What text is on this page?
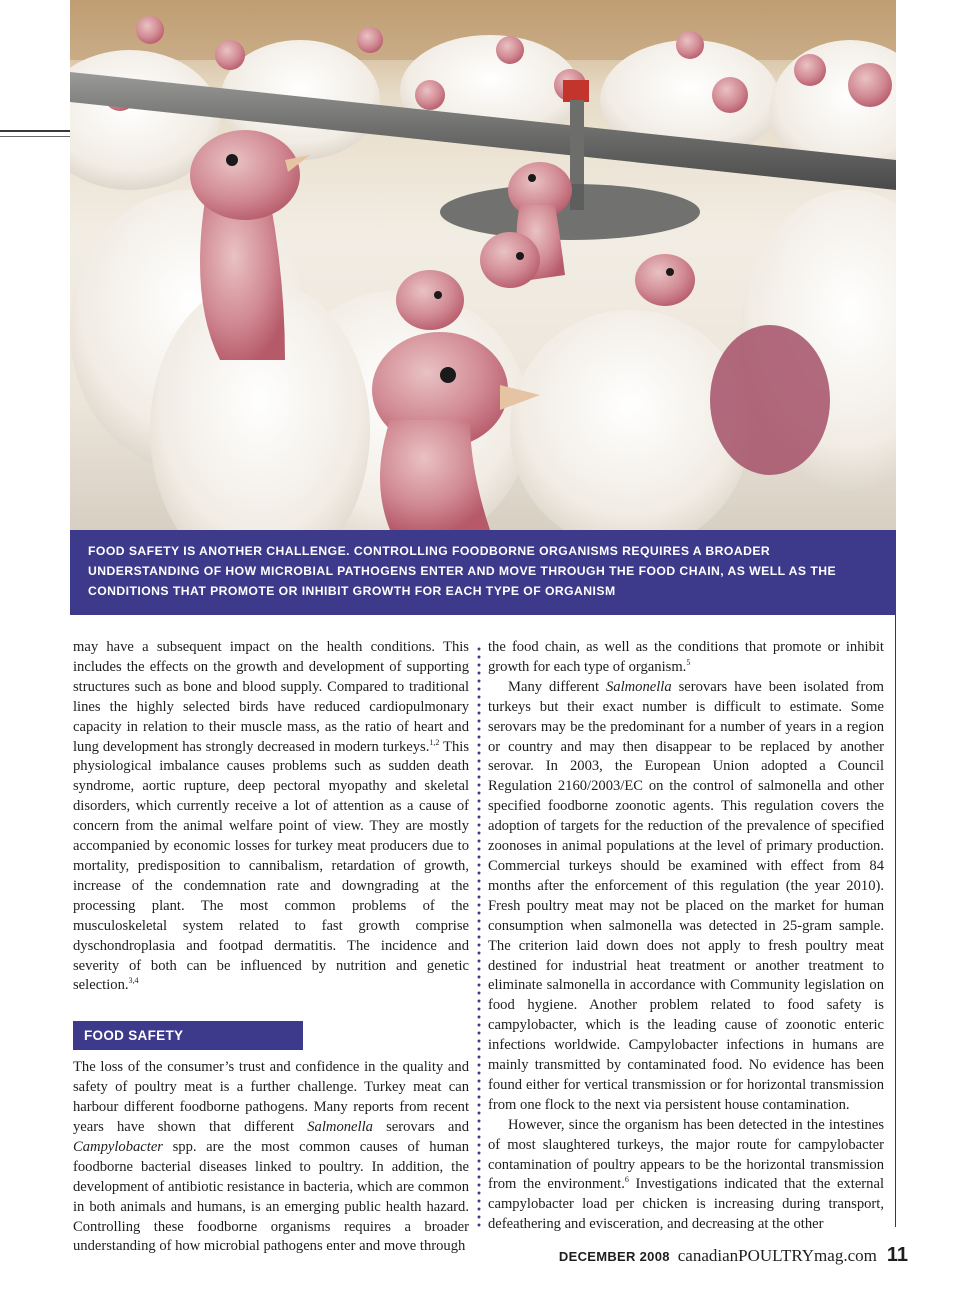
FOOD SAFETY IS ANOTHER CHALLENGE. CONTROLLING FOODBORNE ORGANISMS REQUIRES A BROADER UNDERSTANDING OF HOW MICROBIAL PATHOGENS ENTER AND MOVE THROUGH THE FOOD CHAIN, AS WELL AS THE CONDITIONS THAT PROMOTE OR INHIBIT GROWTH FOR EACH TYPE OF ORGANISM

may have a subsequent impact on the health conditions. This includes the effects on the growth and development of supporting structures such as bone and blood supply. Compared to traditional lines the highly selected birds have reduced cardiopulmonary capacity in relation to their muscle mass, as the ratio of heart and lung development has strongly decreased in modern turkeys.$^{1,2}$ This physiological imbalance causes problems such as sudden death syndrome, aortic rupture, deep pectoral myopathy and skeletal disorders, which currently receive a lot of attention as a cause of concern from the animal welfare point of view. They are mostly accompanied by economic losses for turkey meat producers due to mortality, predisposition to cannibalism, retardation of growth, increase of the condemnation rate and downgrading at the processing plant. The most common problems of the musculoskeletal system related to fast growth comprise dyschondroplasia and footpad dermatitis. The incidence and severity of both can be influenced by nutrition and genetic selection.$^{3,4}$

FOOD SAFETY

The loss of the consumer’s trust and confidence in the quality and safety of poultry meat is a further challenge. Turkey meat can harbour different foodborne pathogens. Many reports from recent years have shown that different Salmonella serovars and Campylobacter spp. are the most common causes of human foodborne bacterial diseases linked to poultry. In addition, the development of antibiotic resistance in bacteria, which are common in both animals and humans, is an emerging public health hazard. Controlling these foodborne organisms requires a broader understanding of how microbial pathogens enter and move through

the food chain, as well as the conditions that promote or inhibit growth for each type of organism.$^5$

Many different Salmonella serovars have been isolated from turkeys but their exact number is difficult to estimate. Some serovars may be the predominant for a number of years in a region or country and may then disappear to be replaced by another serovar. In 2003, the European Union adopted a Council Regulation 2160/2003/EC on the control of salmonella and other specified foodborne zoonotic agents. This regulation covers the adoption of targets for the reduction of the prevalence of specified zoonoses in animal populations at the level of primary production. Commercial turkeys should be examined with effect from 84 months after the enforcement of this regulation (the year 2010). Fresh poultry meat may not be placed on the market for human consumption when salmonella was detected in 25-gram sample. The criterion laid down does not apply to fresh poultry meat destined for industrial heat treatment or another treatment to eliminate salmonella in accordance with Community legislation on food hygiene. Another problem related to food safety is campylobacter, which is the leading cause of zoonotic enteric infections worldwide. Campylobacter infections in humans are mainly transmitted by contaminated food. No evidence has been found either for vertical transmission or for horizontal transmission from one flock to the next via persistent house contamination.

However, since the organism has been detected in the intestines of most slaughtered turkeys, the major route for campylobacter contamination of poultry appears to be the horizontal transmission from the environment.$^6$ Investigations indicated that the external campylobacter load per chicken is increasing during transport, defeathering and evisceration, and decreasing at the other

DECEMBER 2008 canadianPOULTRYmag.com 11
